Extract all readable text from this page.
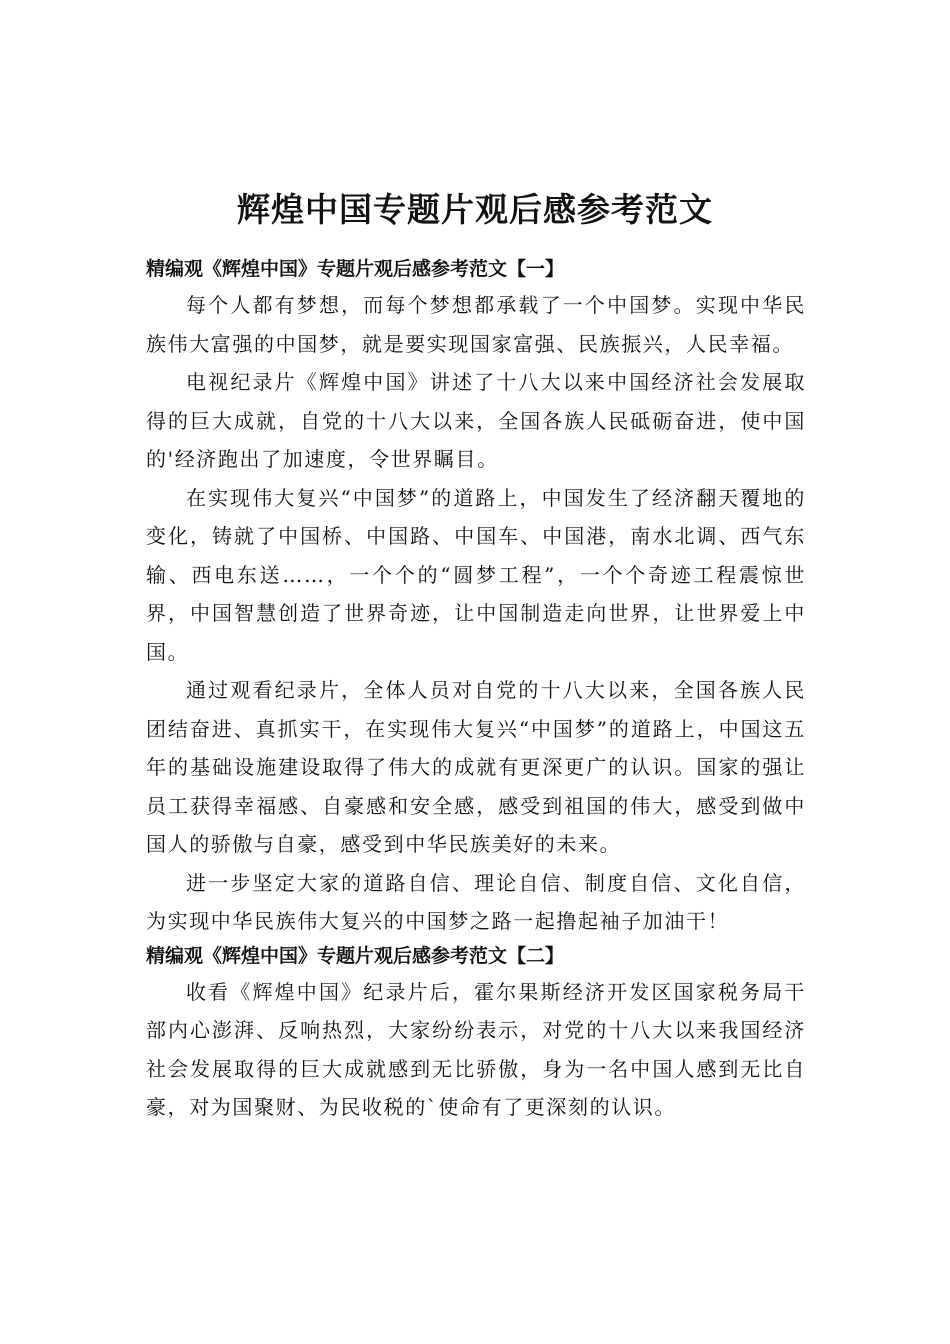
辉煌中国专题片观后感参考范文
精编观《辉煌中国》专题片观后感参考范文【一】

每个人都有梦想，而每个梦想都承载了一个中国梦。实现中华民族伟大富强的中国梦，就是要实现国家富强、民族振兴，人民幸福。

电视纪录片《辉煌中国》讲述了十八大以来中国经济社会发展取得的巨大成就，自党的十八大以来，全国各族人民砥砺奋进，使中国的'经济跑出了加速度，令世界瞩目。

在实现伟大复兴“中国梦”的道路上，中国发生了经济翻天覆地的变化，铸就了中国桥、中国路、中国车、中国港，南水北调、西气东输、西电东送……，一个个的“圆梦工程”，一个个奇迹工程震惊世界，中国智慧创造了世界奇迹，让中国制造走向世界，让世界爱上中国。

通过观看纪录片，全体人员对自党的十八大以来，全国各族人民团结奋进、真抓实干，在实现伟大复兴“中国梦”的道路上，中国这五年的基础设施建设取得了伟大的成就有更深更广的认识。国家的强让员工获得幸福感、自豪感和安全感，感受到祖国的伟大，感受到做中国人的骄傲与自豪，感受到中华民族美好的未来。

进一步坚定大家的道路自信、理论自信、制度自信、文化自信，为实现中华民族伟大复兴的中国梦之路一起撸起袖子加油干！

精编观《辉煌中国》专题片观后感参考范文【二】

收看《辉煌中国》纪录片后，霍尔果斯经济开发区国家税务局干部内心澎湃、反响热烈，大家纷纷表示，对党的十八大以来我国经济社会发展取得的巨大成就感到无比骄傲，身为一名中国人感到无比自豪，对为国聚财、为民收税的`使命有了更深刻的认识。
